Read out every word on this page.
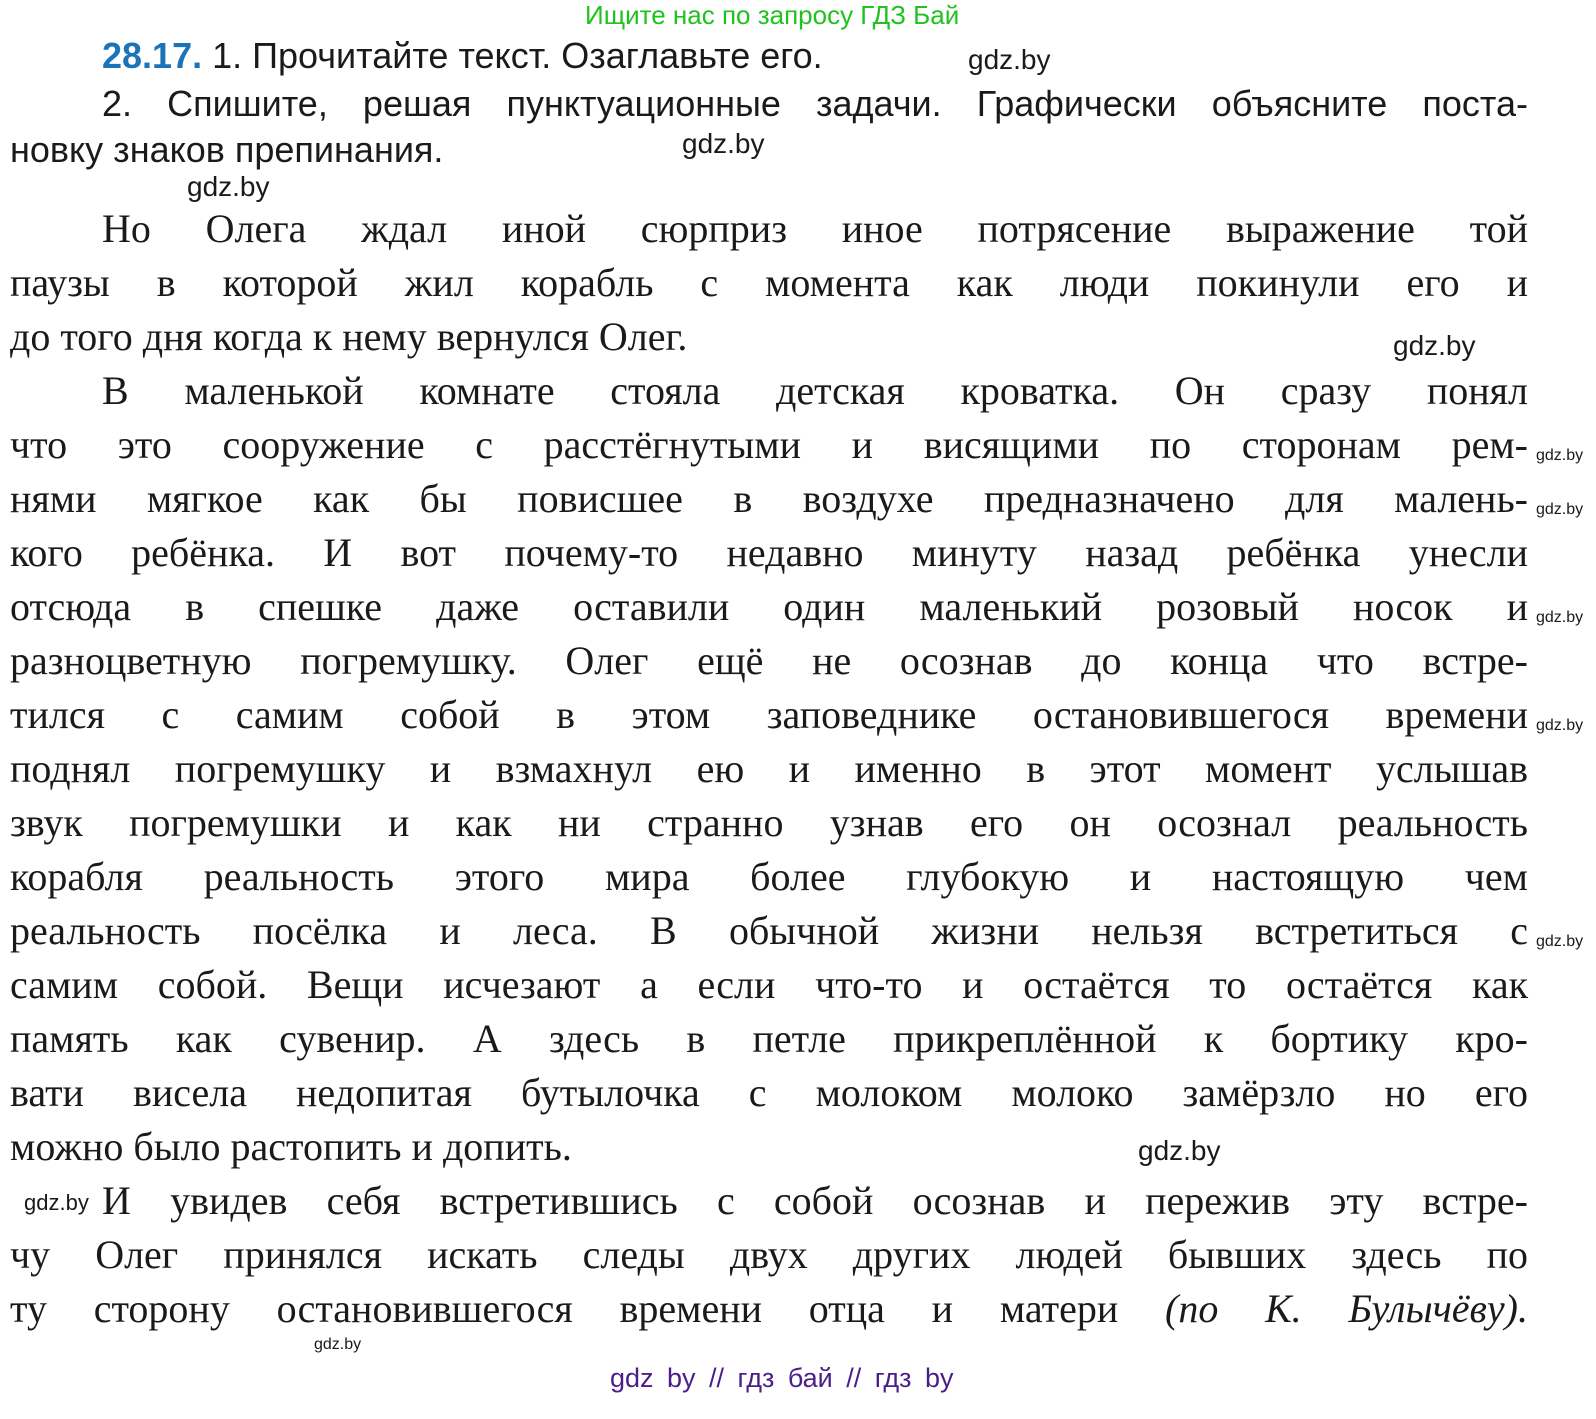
Ищите нас по запросу ГДЗ Бай
28.17. 1. Прочитайте текст. Озаглавьте его.
2. Спишите, решая пунктуационные задачи. Графически объясните поста-
новку знаков препинания.
Но Олега ждал иной сюрприз иное потрясение выражение той
паузы в которой жил корабль с момента как люди покинули его и
до того дня когда к нему вернулся Олег.
В маленькой комнате стояла детская кроватка. Он сразу понял
что это сооружение с расстёгнутыми и висящими по сторонам рем-
нями мягкое как бы повисшее в воздухе предназначено для малень-
кого ребёнка. И вот почему-то недавно минуту назад ребёнка унесли
отсюда в спешке даже оставили один маленький розовый носок и
разноцветную погремушку. Олег ещё не осознав до конца что встре-
тился с самим собой в этом заповеднике остановившегося времени
поднял погремушку и взмахнул ею и именно в этот момент услышав
звук погремушки и как ни странно узнав его он осознал реальность
корабля реальность этого мира более глубокую и настоящую чем
реальность посёлка и леса. В обычной жизни нельзя встретиться с
самим собой. Вещи исчезают а если что-то и остаётся то остаётся как
память как сувенир. А здесь в петле прикреплённой к бортику кро-
вати висела недопитая бутылочка с молоком молоко замёрзло но его
можно было растопить и допить.
И увидев себя встретившись с собой осознав и пережив эту встре-
чу Олег принялся искать следы двух других людей бывших здесь по
ту сторону остановившегося времени отца и матери (по К. Булычёву).
gdz.by
gdz.by
gdz.by
gdz.by
gdz.by
gdz.by
gdz.by
gdz.by
gdz.by
gdz.by
gdz.by
gdz.by
gdz by // гдз бай // гдз by
